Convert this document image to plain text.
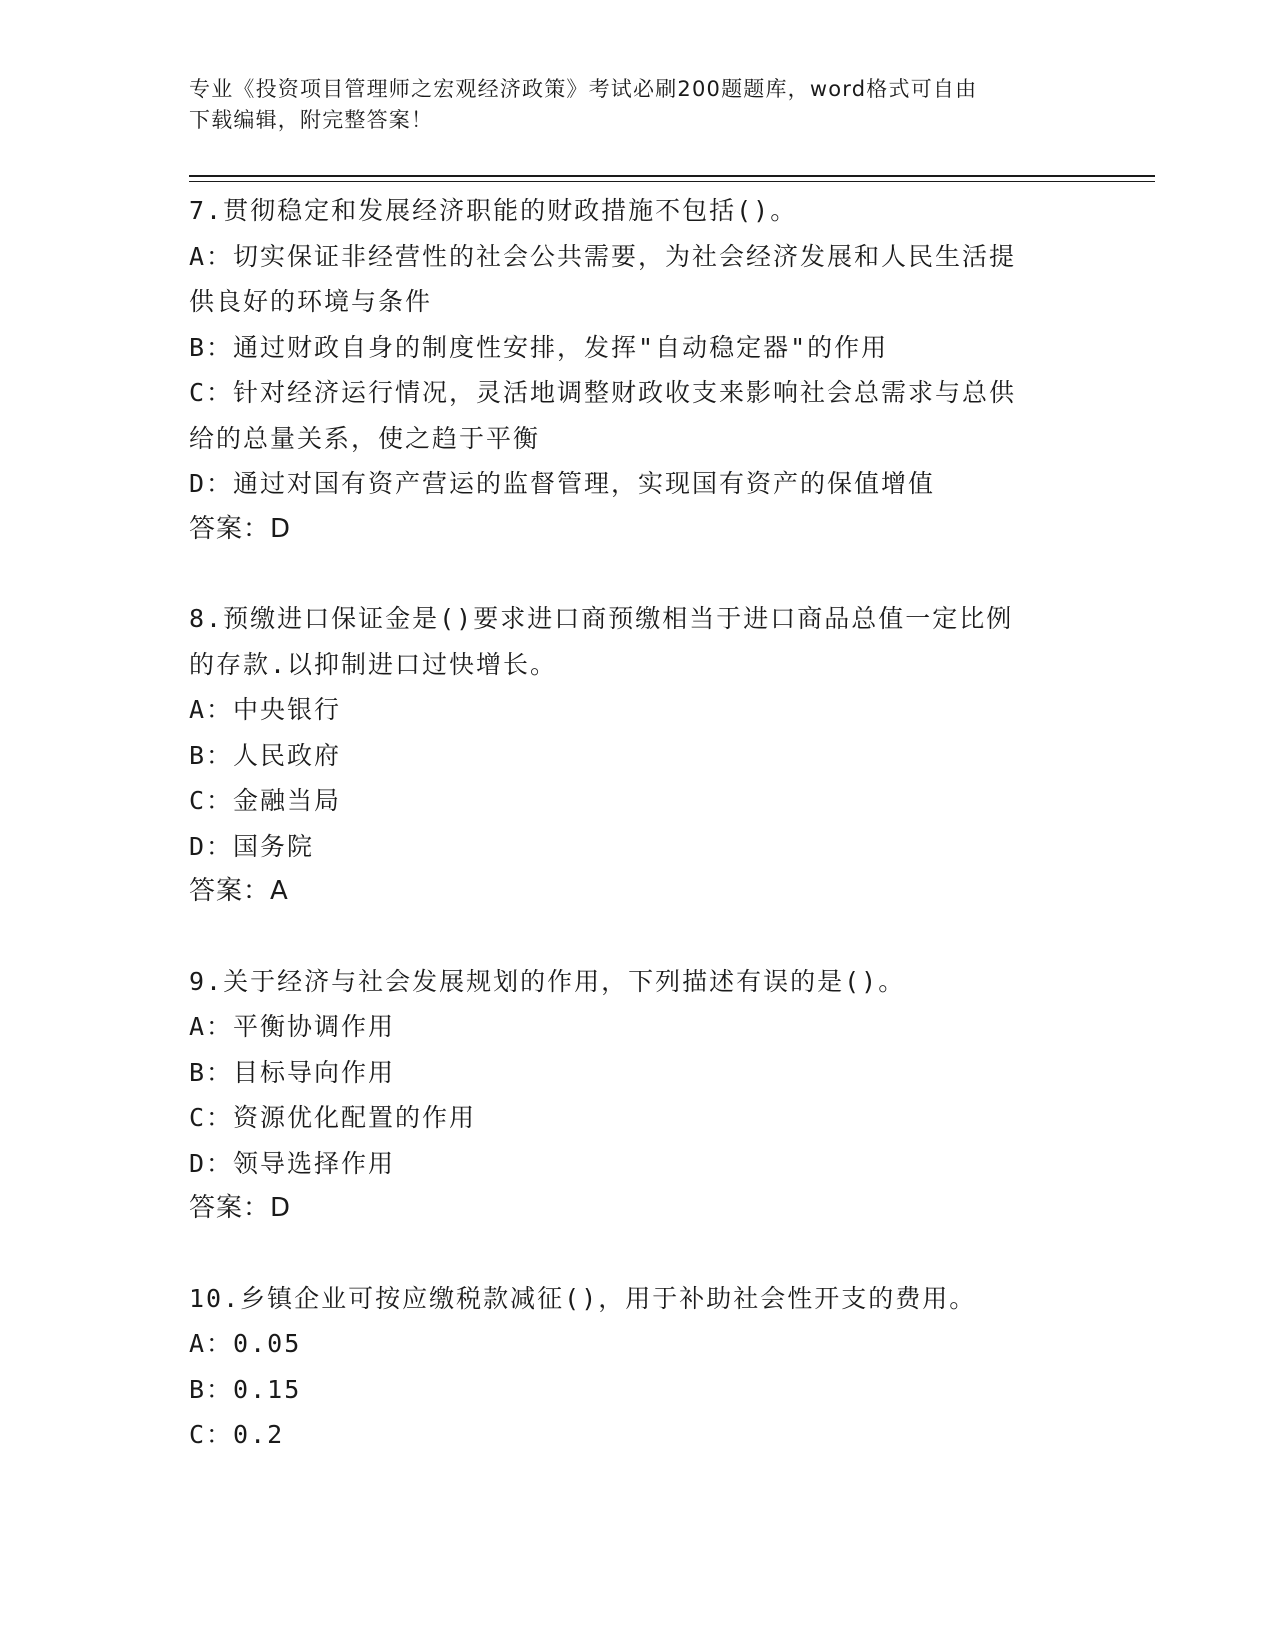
专业《投资项目管理师之宏观经济政策》考试必刷200题题库，word格式可自由
下载编辑，附完整答案！
7.贯彻稳定和发展经济职能的财政措施不包括()。
A：切实保证非经营性的社会公共需要，为社会经济发展和人民生活提
供良好的环境与条件
B：通过财政自身的制度性安排，发挥"自动稳定器"的作用
C：针对经济运行情况，灵活地调整财政收支来影响社会总需求与总供
给的总量关系，使之趋于平衡
D：通过对国有资产营运的监督管理，实现国有资产的保值增值
答案：D
8.预缴进口保证金是()要求进口商预缴相当于进口商品总值一定比例
的存款.以抑制进口过快增长。
A：中央银行
B：人民政府
C：金融当局
D：国务院
答案：A
9.关于经济与社会发展规划的作用，下列描述有误的是()。
A：平衡协调作用
B：目标导向作用
C：资源优化配置的作用
D：领导选择作用
答案：D
10.乡镇企业可按应缴税款减征()，用于补助社会性开支的费用。
A：0.05
B：0.15
C：0.2
